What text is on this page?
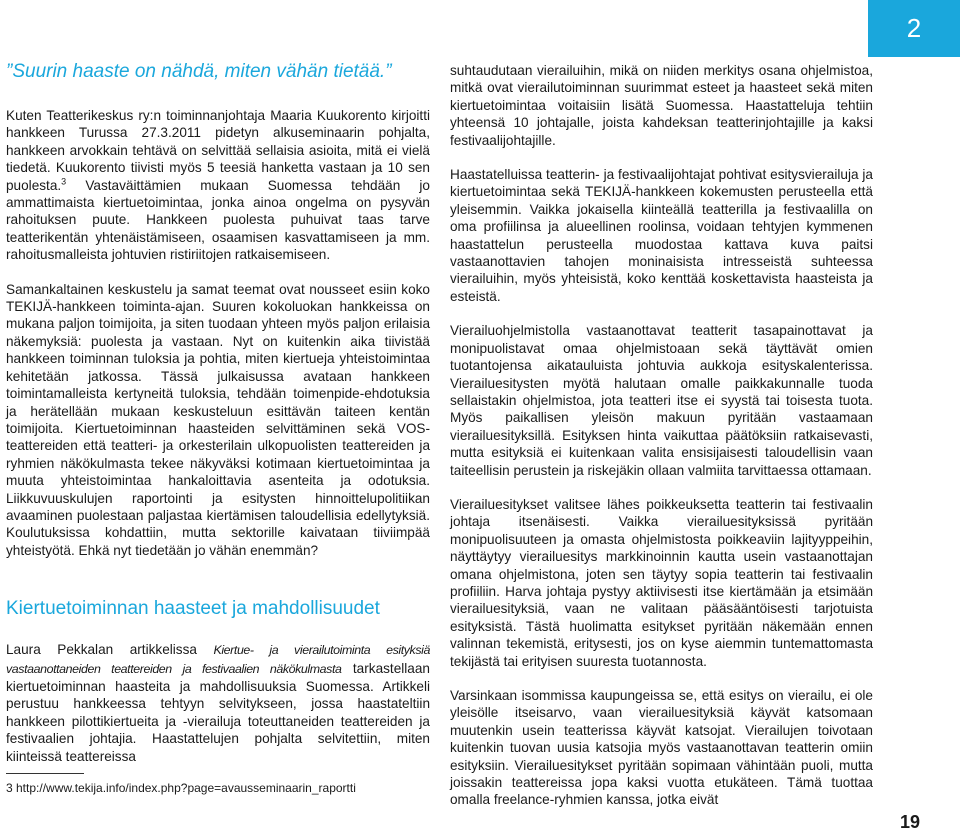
2
”Suurin haaste on nähdä, miten vähän tietää.”

Kuten Teatterikeskus ry:n toiminnanjohtaja Maaria Kuukorento kirjoitti hankkeen Turussa 27.3.2011 pidetyn alkuseminaarin pohjalta, hankkeen arvokkain tehtävä on selvittää sellaisia asioita, mitä ei vielä tiedetä. Kuukorento tiivisti myös 5 teesiä hanketta vastaan ja 10 sen puolesta.$^3$ Vastaväittämien mukaan Suomessa tehdään jo ammattimaista kiertuetoimintaa, jonka ainoa ongelma on pysyvän rahoituksen puute. Hankkeen puolesta puhuivat taas tarve teatterikentän yhtenäistämiseen, osaamisen kasvattamiseen ja mm. rahoitusmalleista johtuvien ristiriitojen ratkaisemiseen.

Samankaltainen keskustelu ja samat teemat ovat nousseet esiin koko TEKIJÄ-hankkeen toiminta-ajan. Suuren kokoluokan hankkeissa on mukana paljon toimijoita, ja siten tuodaan yhteen myös paljon erilaisia näkemyksiä: puolesta ja vastaan. Nyt on kuitenkin aika tiivistää hankkeen toiminnan tuloksia ja pohtia, miten kiertueja yhteistoimintaa kehitetään jatkossa. Tässä julkaisussa avataan hankkeen toimintamalleista kertyneitä tuloksia, tehdään toimenpide-ehdotuksia ja herätellään mukaan keskusteluun esittävän taiteen kentän toimijoita. Kiertuetoiminnan haasteiden selvittäminen sekä VOS-teattereiden että teatteri- ja orkesterilain ulkopuolisten teattereiden ja ryhmien näkökulmasta tekee näkyväksi kotimaan kiertuetoimintaa ja muuta yhteistoimintaa hankaloittavia asenteita ja odotuksia. Liikkuvuuskulujen raportointi ja esitysten hinnoittelupolitiikan avaaminen puolestaan paljastaa kiertämisen taloudellisia edellytyksiä. Koulutuksissa kohdattiin, mutta sektorille kaivataan tiiviimpää yhteistyötä. Ehkä nyt tiedetään jo vähän enemmän?

Kiertuetoiminnan haasteet ja mahdollisuudet

Laura Pekkalan artikkelissa Kiertue- ja vierailutoiminta esityksiä vastaanottaneiden teattereiden ja festivaalien näkökulmasta tarkastellaan kiertuetoiminnan haasteita ja mahdollisuuksia Suomessa. Artikkeli perustuu hankkeessa tehtyyn selvitykseen, jossa haastateltiin hankkeen pilottikiertueita ja -vierailuja toteuttaneiden teattereiden ja festivaalien johtajia. Haastattelujen pohjalta selvitettiin, miten kiinteissä teattereissa

suhtaudutaan vierailuihin, mikä on niiden merkitys osana ohjelmistoa, mitkä ovat vierailutoiminnan suurimmat esteet ja haasteet sekä miten kiertuetoimintaa voitaisiin lisätä Suomessa. Haastatteluja tehtiin yhteensä 10 johtajalle, joista kahdeksan teatterinjohtajille ja kaksi festivaalijohtajille.

Haastatelluissa teatterin- ja festivaalijohtajat pohtivat esitysvierailuja ja kiertuetoimintaa sekä TEKIJÄ-hankkeen kokemusten perusteella että yleisemmin. Vaikka jokaisella kiinteällä teatterilla ja festivaalilla on oma profiilinsa ja alueellinen roolinsa, voidaan tehtyjen kymmenen haastattelun perusteella muodostaa kattava kuva paitsi vastaanottavien tahojen moninaisista intresseistä suhteessa vierailuihin, myös yhteisistä, koko kenttää koskettavista haasteista ja esteistä.

Vierailuohjelmistolla vastaanottavat teatterit tasapainottavat ja monipuolistavat omaa ohjelmistoaan sekä täyttävät omien tuotantojensa aikatauluista johtuvia aukkoja esityskalenterissa. Vierailuesitysten myötä halutaan omalle paikkakunnalle tuoda sellaistakin ohjelmistoa, jota teatteri itse ei syystä tai toisesta tuota. Myös paikallisen yleisön makuun pyritään vastaamaan vierailuesityksillä. Esityksen hinta vaikuttaa päätöksiin ratkaisevasti, mutta esityksiä ei kuitenkaan valita ensisijaisesti taloudellisin vaan taiteellisin perustein ja riskejäkin ollaan valmiita tarvittaessa ottamaan.

Vierailuesitykset valitsee lähes poikkeuksetta teatterin tai festivaalin johtaja itsenäisesti. Vaikka vierailuesityksissä pyritään monipuolisuuteen ja omasta ohjelmistosta poikkeaviin lajityyppeihin, näyttäytyy vierailuesitys markkinoinnin kautta usein vastaanottajan omana ohjelmistona, joten sen täytyy sopia teatterin tai festivaalin profiiliin. Harva johtaja pystyy aktiivisesti itse kiertämään ja etsimään vierailuesityksiä, vaan ne valitaan pääsääntöisesti tarjotuista esityksistä. Tästä huolimatta esitykset pyritään näkemään ennen valinnan tekemistä, eritysesti, jos on kyse aiemmin tuntemattomasta tekijästä tai erityisen suuresta tuotannosta.

Varsinkaan isommissa kaupungeissa se, että esitys on vierailu, ei ole yleisölle itseisarvo, vaan vierailuesityksiä käyvät katsomaan muutenkin usein teatterissa käyvät katsojat. Vierailujen toivotaan kuitenkin tuovan uusia katsojia myös vastaanottavan teatterin omiin esityksiin. Vierailuesitykset pyritään sopimaan vähintään puoli, mutta joissakin teattereissa jopa kaksi vuotta etukäteen. Tämä tuottaa omalla freelance-ryhmien kanssa, jotka eivät

3 http://www.tekija.info/index.php?page=avausseminaarin_raportti
19
